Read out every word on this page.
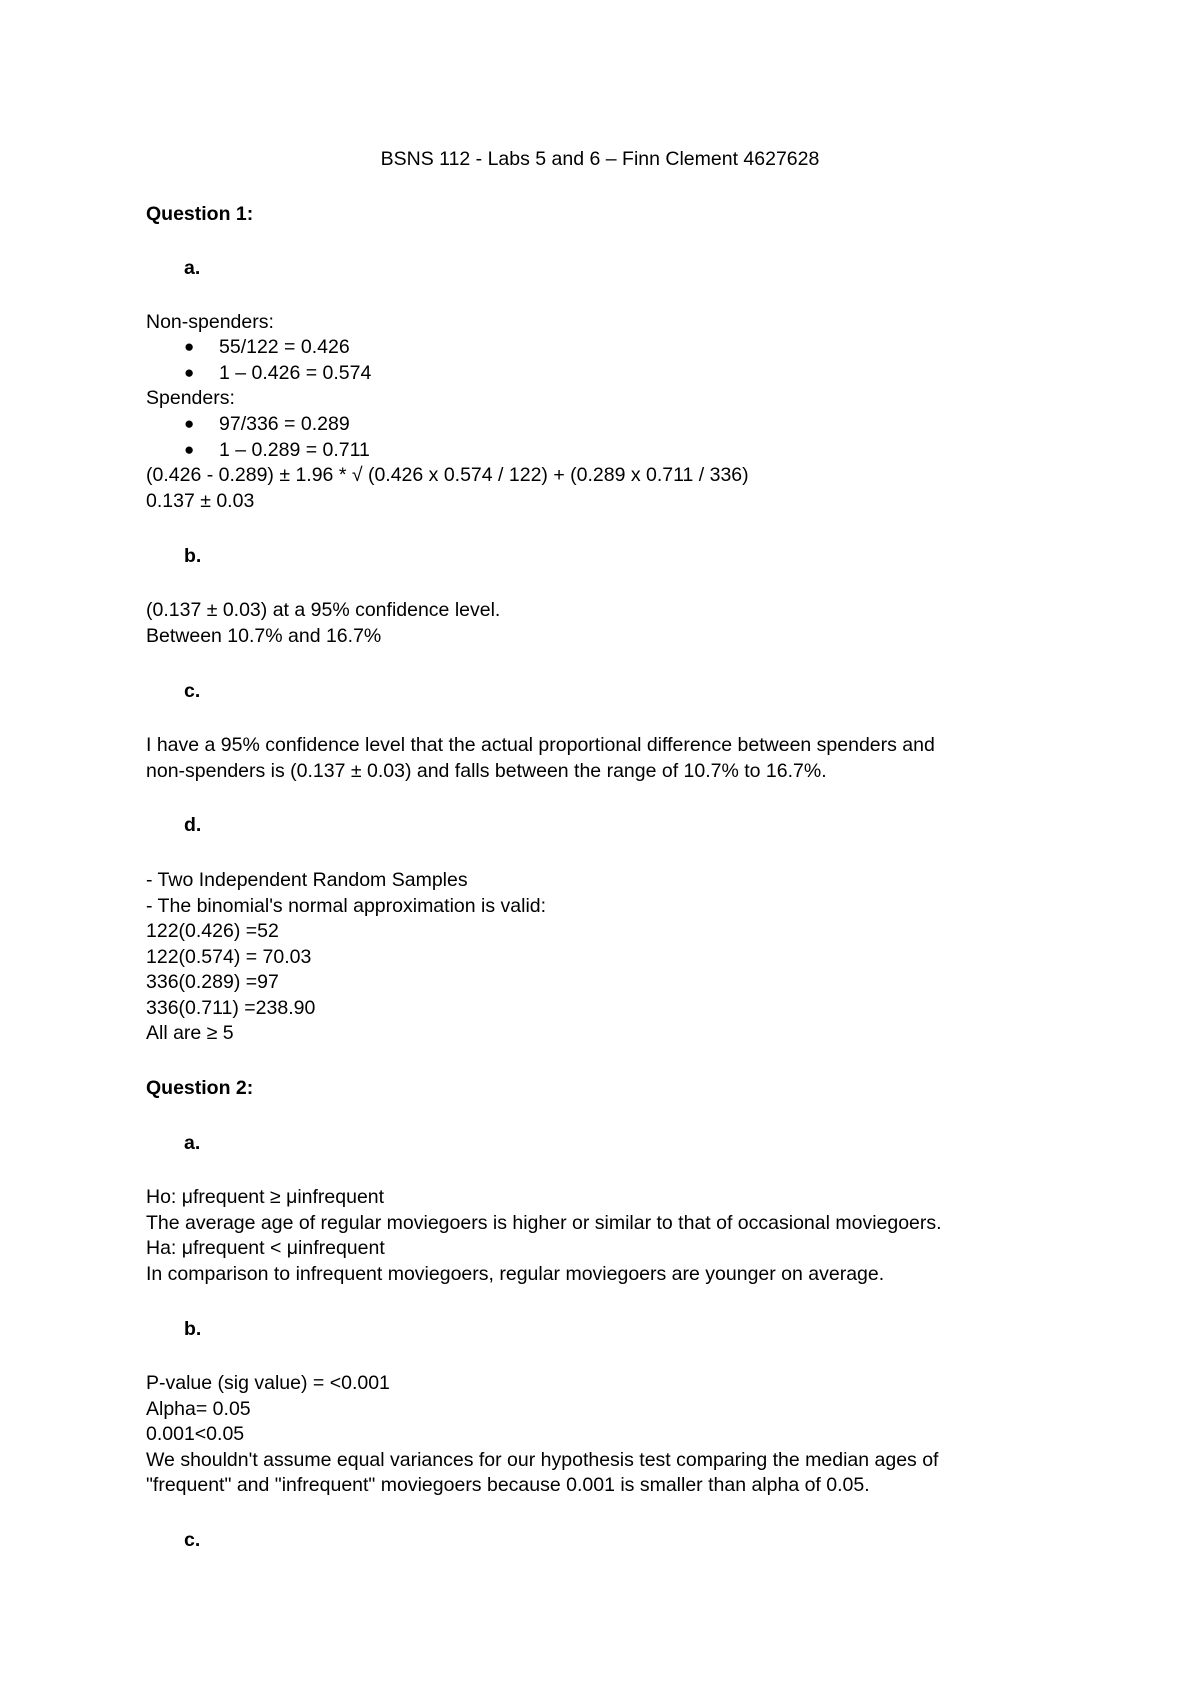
BSNS 112 - Labs 5 and 6 – Finn Clement 4627628
Question 1:
a.
Non-spenders:
● 55/122 = 0.426
● 1 – 0.426 = 0.574
Spenders:
● 97/336 = 0.289
● 1 – 0.289 = 0.711
(0.426 - 0.289) ± 1.96 * √ (0.426 x 0.574 / 122) + (0.289 x 0.711 / 336)
0.137 ± 0.03
b.
(0.137 ± 0.03) at a 95% confidence level.
Between 10.7% and 16.7%
c.
I have a 95% confidence level that the actual proportional difference between spenders and
non-spenders is (0.137 ± 0.03) and falls between the range of 10.7% to 16.7%.
d.
- Two Independent Random Samples
- The binomial's normal approximation is valid:
122(0.426) =52
122(0.574) = 70.03
336(0.289) =97
336(0.711) =238.90
All are ≥ 5
Question 2:
a.
Ho: μfrequent ≥ μinfrequent
The average age of regular moviegoers is higher or similar to that of occasional moviegoers.
Ha: μfrequent < μinfrequent
In comparison to infrequent moviegoers, regular moviegoers are younger on average.
b.
P-value (sig value) = <0.001
Alpha= 0.05
0.001<0.05
We shouldn't assume equal variances for our hypothesis test comparing the median ages of
"frequent" and "infrequent" moviegoers because 0.001 is smaller than alpha of 0.05.
c.
